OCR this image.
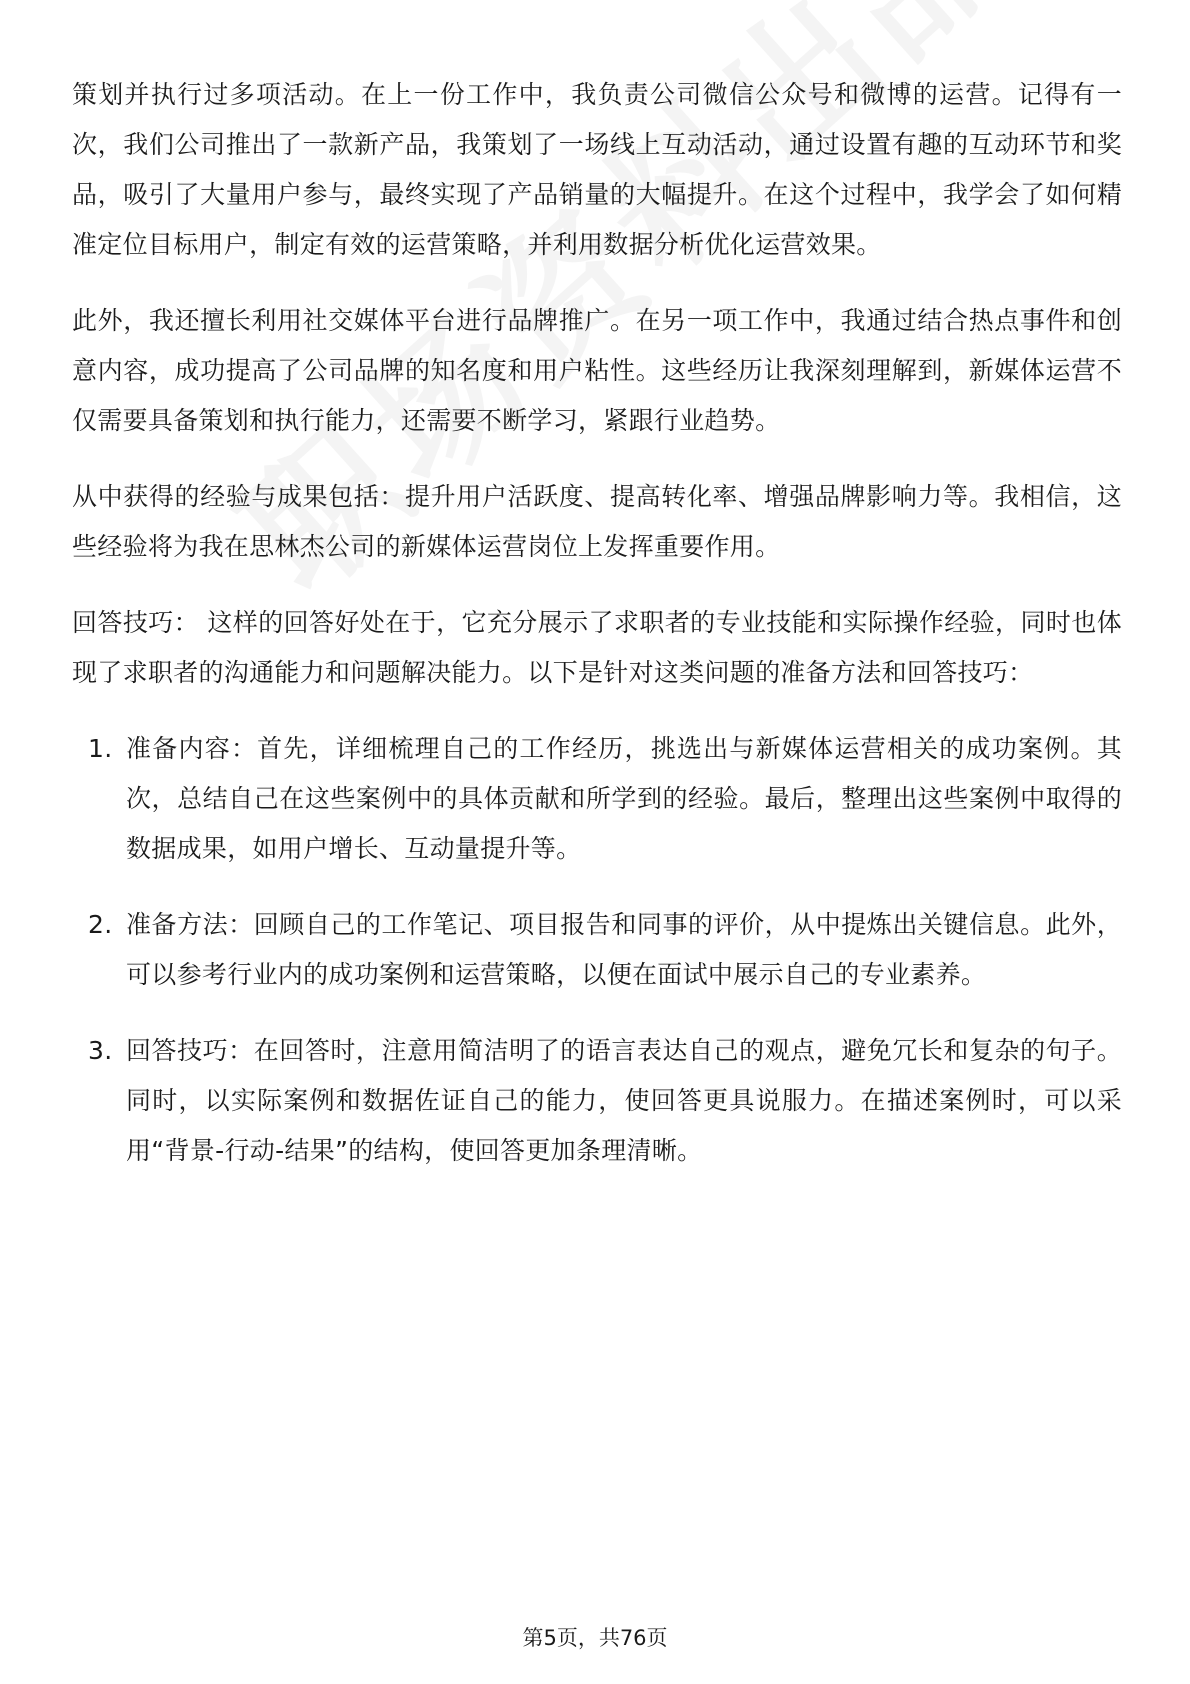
策划并执行过多项活动。在上一份工作中，我负责公司微信公众号和微博的运营。记得有一次，我们公司推出了一款新产品，我策划了一场线上互动活动，通过设置有趣的互动环节和奖品，吸引了大量用户参与，最终实现了产品销量的大幅提升。在这个过程中，我学会了如何精准定位目标用户，制定有效的运营策略，并利用数据分析优化运营效果。

此外，我还擅长利用社交媒体平台进行品牌推广。在另一项工作中，我通过结合热点事件和创意内容，成功提高了公司品牌的知名度和用户粘性。这些经历让我深刻理解到，新媒体运营不仅需要具备策划和执行能力，还需要不断学习，紧跟行业趋势。

从中获得的经验与成果包括：提升用户活跃度、提高转化率、增强品牌影响力等。我相信，这些经验将为我在思林杰公司的新媒体运营岗位上发挥重要作用。

回答技巧： 这样的回答好处在于，它充分展示了求职者的专业技能和实际操作经验，同时也体现了求职者的沟通能力和问题解决能力。以下是针对这类问题的准备方法和回答技巧：

1. 准备内容：首先，详细梳理自己的工作经历，挑选出与新媒体运营相关的成功案例。其次，总结自己在这些案例中的具体贡献和所学到的经验。最后，整理出这些案例中取得的数据成果，如用户增长、互动量提升等。
2. 准备方法：回顾自己的工作笔记、项目报告和同事的评价，从中提炼出关键信息。此外，可以参考行业内的成功案例和运营策略，以便在面试中展示自己的专业素养。
3. 回答技巧：在回答时，注意用简洁明了的语言表达自己的观点，避免冗长和复杂的句子。同时，以实际案例和数据佐证自己的能力，使回答更具说服力。在描述案例时，可以采用“背景-行动-结果”的结构，使回答更加条理清晰。
第5页，共76页
